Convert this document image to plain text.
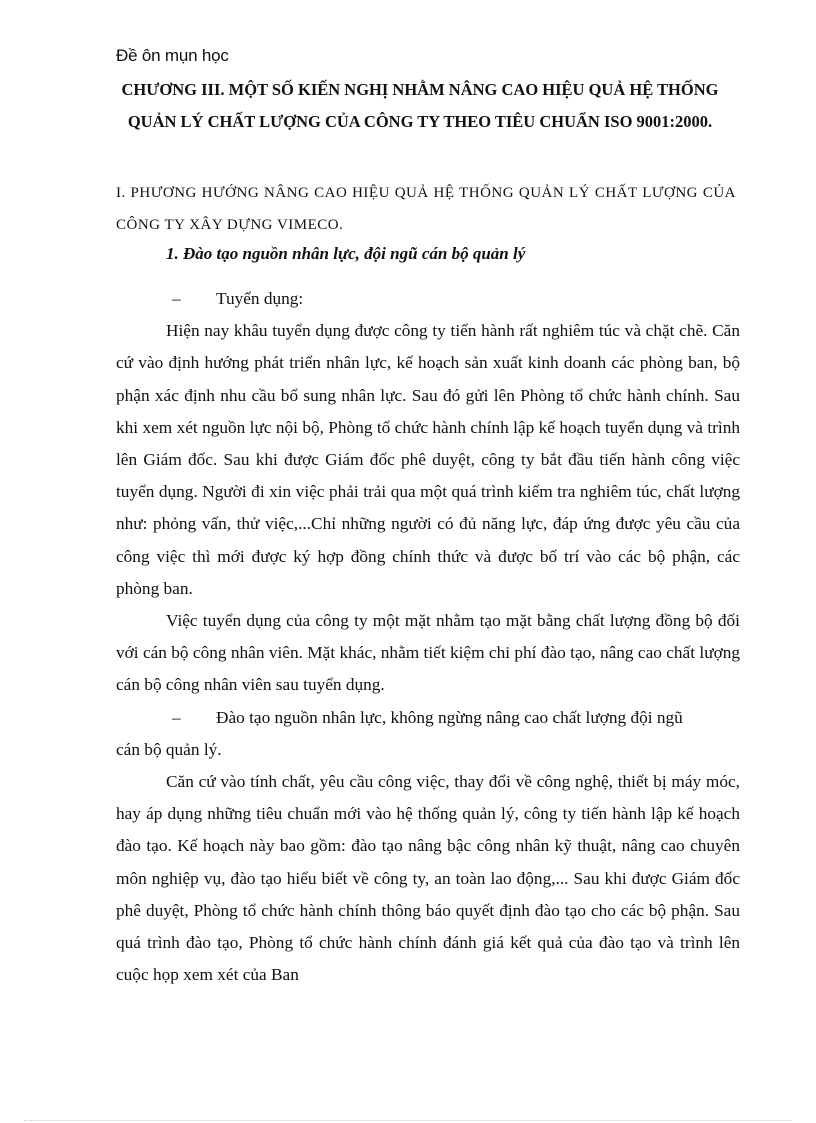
Đề ôn mụn học
CHƯƠNG III. MỘT SỐ KIẾN NGHỊ NHẰM NÂNG CAO HIỆU QUẢ HỆ THỐNG QUẢN LÝ CHẤT LƯỢNG CỦA CÔNG TY THEO TIÊU CHUẨN ISO 9001:2000.
I. PHƯƠNG HƯỚNG NÂNG CAO HIỆU QUẢ HỆ THỐNG QUẢN LÝ CHẤT LƯỢNG CỦA CÔNG TY XÂY DỰNG VIMECO.
1. Đào tạo nguồn nhân lực, đội ngũ cán bộ quản lý

–	Tuyển dụng:

Hiện nay khâu tuyển dụng được công ty tiến hành rất nghiêm túc và chặt chẽ. Căn cứ vào định hướng phát triển nhân lực, kế hoạch sản xuất kinh doanh các phòng ban, bộ phận xác định nhu cầu bổ sung nhân lực. Sau đó gửi lên Phòng tổ chức hành chính. Sau khi xem xét nguồn lực nội bộ, Phòng tổ chức hành chính lập kế hoạch tuyển dụng và trình lên Giám đốc. Sau khi được Giám đốc phê duyệt, công ty bắt đầu tiến hành công việc tuyển dụng. Người đi xin việc phải trải qua một quá trình kiểm tra nghiêm túc, chất lượng như: phỏng vấn, thử việc,...Chỉ những người có đủ năng lực, đáp ứng được yêu cầu của công việc thì mới được ký hợp đồng chính thức và được bố trí vào các bộ phận, các phòng ban.

Việc tuyển dụng của công ty một mặt nhằm tạo mặt bằng chất lượng đồng bộ đối với cán bộ công nhân viên. Mặt khác, nhằm tiết kiệm chi phí đào tạo, nâng cao chất lượng cán bộ công nhân viên sau tuyển dụng.

–	Đào tạo nguồn nhân lực, không ngừng nâng cao chất lượng đội ngũ

cán bộ quản lý.

Căn cứ vào tính chất, yêu cầu công việc, thay đổi về công nghệ, thiết bị máy móc, hay áp dụng những tiêu chuẩn mới vào hệ thống quản lý, công ty tiến hành lập kế hoạch đào tạo. Kế hoạch này bao gồm: đào tạo nâng bậc công nhân kỹ thuật, nâng cao chuyên môn nghiệp vụ, đào tạo hiểu biết về công ty, an toàn lao động,... Sau khi được Giám đốc phê duyệt, Phòng tổ chức hành chính thông báo quyết định đào tạo cho các bộ phận. Sau quá trình đào tạo, Phòng tổ chức hành chính đánh giá kết quả của đào tạo và trình lên cuộc họp xem xét của Ban
